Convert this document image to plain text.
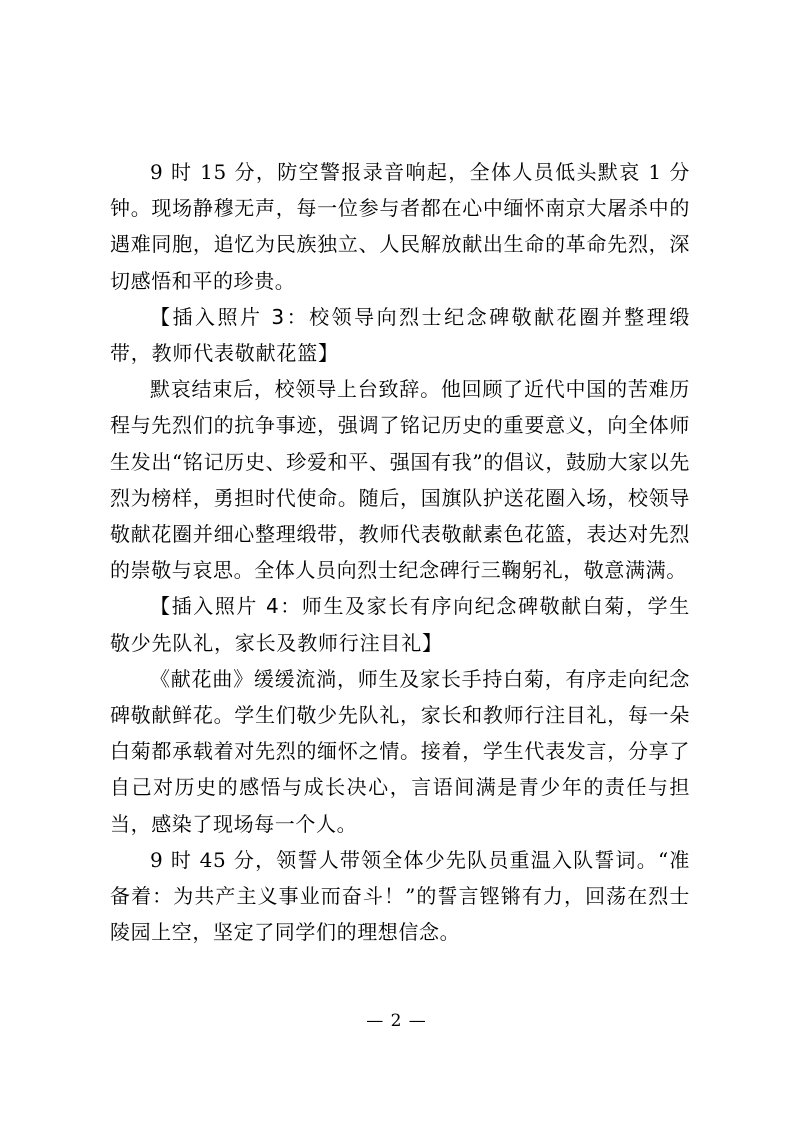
9 时 15 分，防空警报录音响起，全体人员低头默哀 1 分钟。现场静穆无声，每一位参与者都在心中缅怀南京大屠杀中的遇难同胞，追忆为民族独立、人民解放献出生命的革命先烈，深切感悟和平的珍贵。

【插入照片 3：校领导向烈士纪念碑敬献花圈并整理缎带，教师代表敬献花篮】

默哀结束后，校领导上台致辞。他回顾了近代中国的苦难历程与先烈们的抗争事迹，强调了铭记历史的重要意义，向全体师生发出“铭记历史、珍爱和平、强国有我”的倡议，鼓励大家以先烈为榜样，勇担时代使命。随后，国旗队护送花圈入场，校领导敬献花圈并细心整理缎带，教师代表敬献素色花篮，表达对先烈的崇敬与哀思。全体人员向烈士纪念碑行三鞠躬礼，敬意满满。

【插入照片 4：师生及家长有序向纪念碑敬献白菊，学生敬少先队礼，家长及教师行注目礼】

《献花曲》缓缓流淌，师生及家长手持白菊，有序走向纪念碑敬献鲜花。学生们敬少先队礼，家长和教师行注目礼，每一朵白菊都承载着对先烈的缅怀之情。接着，学生代表发言，分享了自己对历史的感悟与成长决心，言语间满是青少年的责任与担当，感染了现场每一个人。

9 时 45 分，领誓人带领全体少先队员重温入队誓词。“准备着：为共产主义事业而奋斗！”的誓言铿锵有力，回荡在烈士陵园上空，坚定了同学们的理想信念。

— 2 —
